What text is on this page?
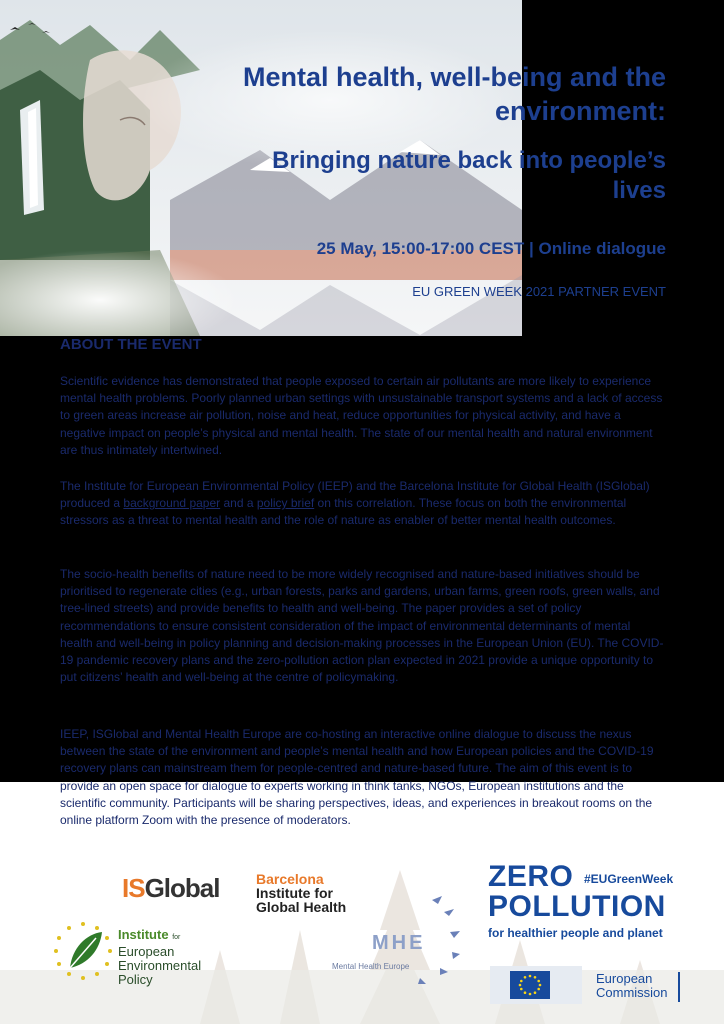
Mental health, well-being and the environment:
Bringing nature back into people’s lives
25 May, 15:00-17:00 CEST | Online dialogue
EU GREEN WEEK 2021 PARTNER EVENT
ABOUT THE EVENT

Scientific evidence has demonstrated that people exposed to certain air pollutants are more likely to experience mental health problems. Poorly planned urban settings with unsustainable transport systems and a lack of access to green areas increase air pollution, noise and heat, reduce opportunities for physical activity, and have a negative impact on people’s physical and mental health. The state of our mental health and natural environment are thus intimately intertwined.

The Institute for European Environmental Policy (IEEP) and the Barcelona Institute for Global Health (ISGlobal) produced a background paper and a policy brief on this correlation. These focus on both the environmental stressors as a threat to mental health and the role of nature as enabler of better mental health outcomes.

The socio-health benefits of nature need to be more widely recognised and nature-based initiatives should be prioritised to regenerate cities (e.g., urban forests, parks and gardens, urban farms, green roofs, green walls, and tree-lined streets) and provide benefits to health and well-being. The paper provides a set of policy recommendations to ensure consistent consideration of the impact of environmental determinants of mental health and well-being in policy planning and decision-making processes in the European Union (EU). The COVID-19 pandemic recovery plans and the zero-pollution action plan expected in 2021 provide a unique opportunity to put citizens’ health and well-being at the centre of policymaking.

IEEP, ISGlobal and Mental Health Europe are co-hosting an interactive online dialogue to discuss the nexus between the state of the environment and people’s mental health and how European policies and the COVID-19 recovery plans can mainstream them for people-centred and nature-based future. The aim of this event is to provide an open space for dialogue to experts working in think tanks, NGOs, European institutions and the scientific community. Participants will be sharing perspectives, ideas, and experiences in breakout rooms on the online platform Zoom with the presence of moderators.

ISGlobal	Barcelona
Institute for Global Health
Institute for
European
Environmental
Policy
MHE
Mental Health Europe
ZERO #EUGreenWeek
POLLUTION
for healthier people and planet
European
Commission
